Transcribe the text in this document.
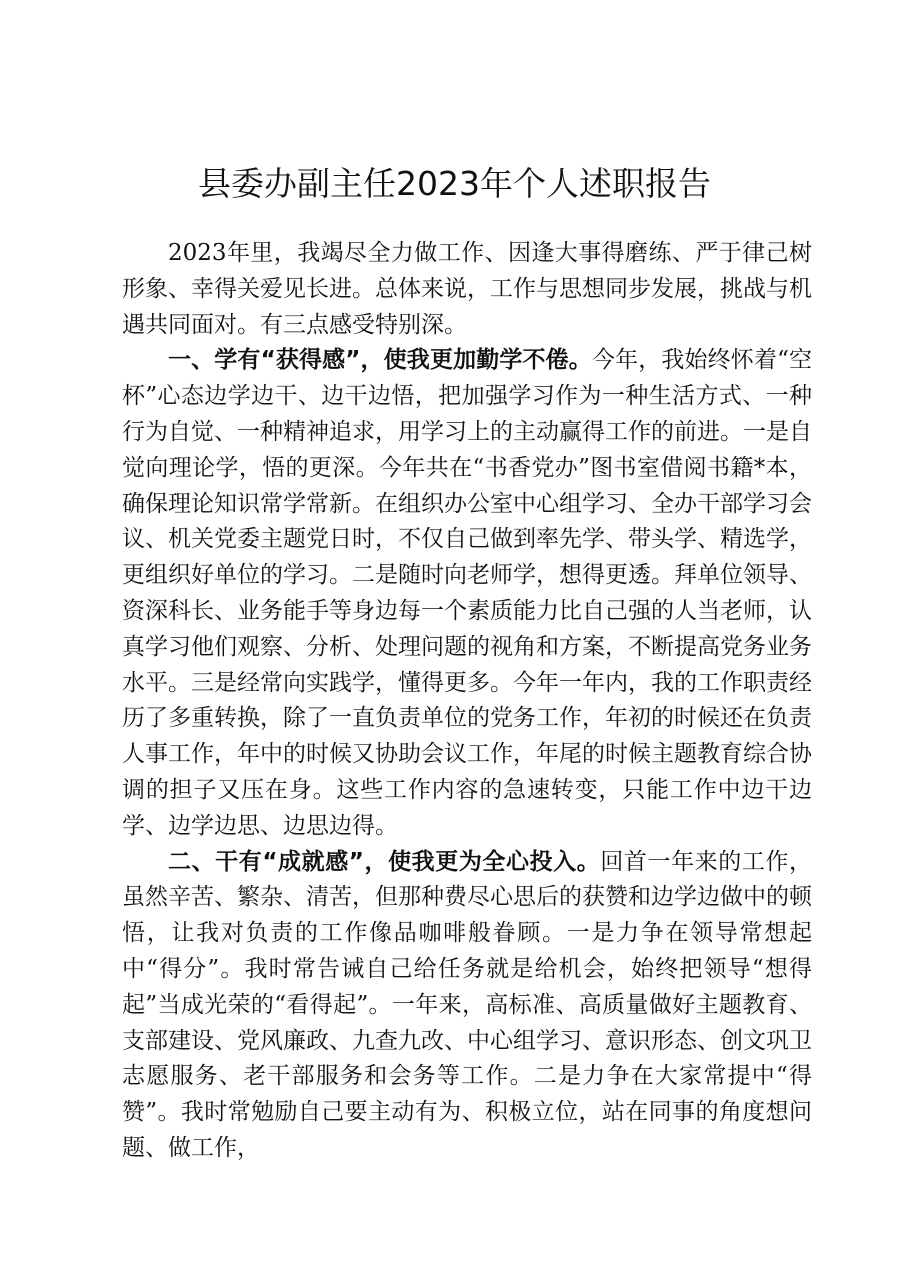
县委办副主任2023年个人述职报告

2023年里，我竭尽全力做工作、因逢大事得磨练、严于律己树形象、幸得关爱见长进。总体来说，工作与思想同步发展，挑战与机遇共同面对。有三点感受特别深。

一、学有“获得感”，使我更加勤学不倦。今年，我始终怀着“空杯”心态边学边干、边干边悟，把加强学习作为一种生活方式、一种行为自觉、一种精神追求，用学习上的主动赢得工作的前进。一是自觉向理论学，悟的更深。今年共在“书香党办”图书室借阅书籍*本，确保理论知识常学常新。在组织办公室中心组学习、全办干部学习会议、机关党委主题党日时，不仅自己做到率先学、带头学、精选学，更组织好单位的学习。二是随时向老师学，想得更透。拜单位领导、资深科长、业务能手等身边每一个素质能力比自己强的人当老师，认真学习他们观察、分析、处理问题的视角和方案，不断提高党务业务水平。三是经常向实践学，懂得更多。今年一年内，我的工作职责经历了多重转换，除了一直负责单位的党务工作，年初的时候还在负责人事工作，年中的时候又协助会议工作，年尾的时候主题教育综合协调的担子又压在身。这些工作内容的急速转变，只能工作中边干边学、边学边思、边思边得。

二、干有“成就感”，使我更为全心投入。回首一年来的工作，虽然辛苦、繁杂、清苦，但那种费尽心思后的获赞和边学边做中的顿悟，让我对负责的工作像品咖啡般眷顾。一是力争在领导常想起中“得分”。我时常告诫自己给任务就是给机会，始终把领导“想得起”当成光荣的“看得起”。一年来，高标准、高质量做好主题教育、支部建设、党风廉政、九查九改、中心组学习、意识形态、创文巩卫志愿服务、老干部服务和会务等工作。二是力争在大家常提中“得赞”。我时常勉励自己要主动有为、积极立位，站在同事的角度想问题、做工作，
